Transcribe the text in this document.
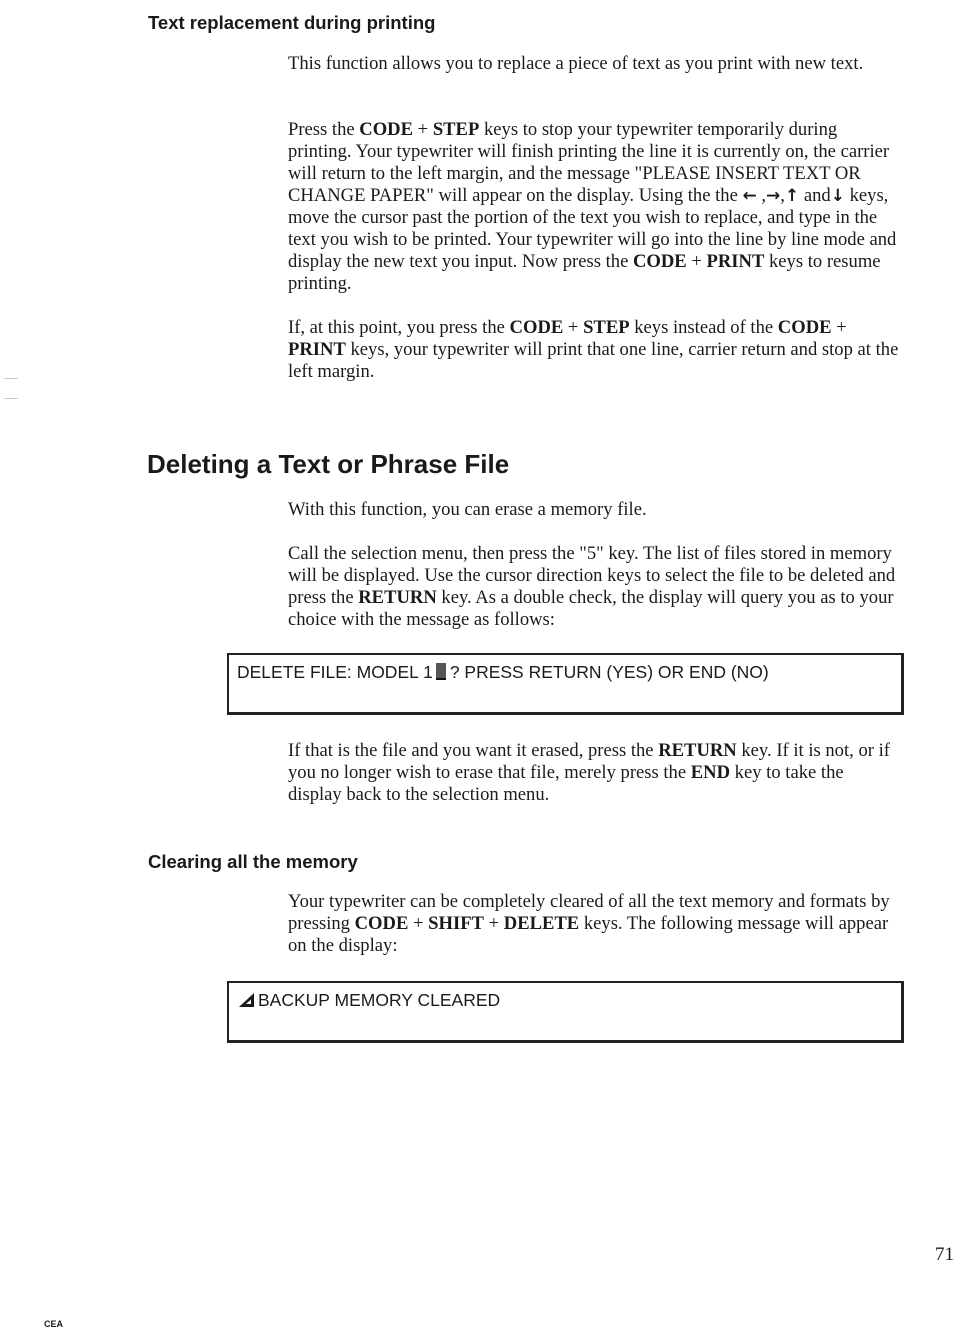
Text replacement during printing

This function allows you to replace a piece of text as you print with new text.

Press the CODE + STEP keys to stop your typewriter temporarily during printing. Your typewriter will finish printing the line it is currently on, the carrier will return to the left margin, and the message "PLEASE INSERT TEXT OR CHANGE PAPER" will appear on the display. Using the the ← ,→,↑ and↓ keys, move the cursor past the portion of the text you wish to replace, and type in the text you wish to be printed. Your typewriter will go into the line by line mode and display the new text you input. Now press the CODE + PRINT keys to resume printing.

If, at this point, you press the CODE + STEP keys instead of the CODE + PRINT keys, your typewriter will print that one line, carrier return and stop at the left margin.

Deleting a Text or Phrase File

With this function, you can erase a memory file.

Call the selection menu, then press the "5" key. The list of files stored in memory will be displayed. Use the cursor direction keys to select the file to be deleted and press the RETURN key. As a double check, the display will query you as to your choice with the message as follows:

DELETE FILE: MODEL 1 ? PRESS RETURN (YES) OR END (NO)

If that is the file and you want it erased, press the RETURN key. If it is not, or if you no longer wish to erase that file, merely press the END key to take the display back to the selection menu.

Clearing all the memory

Your typewriter can be completely cleared of all the text memory and formats by pressing CODE + SHIFT + DELETE keys. The following message will appear on the display:

BACKUP MEMORY CLEARED

71

CEA
